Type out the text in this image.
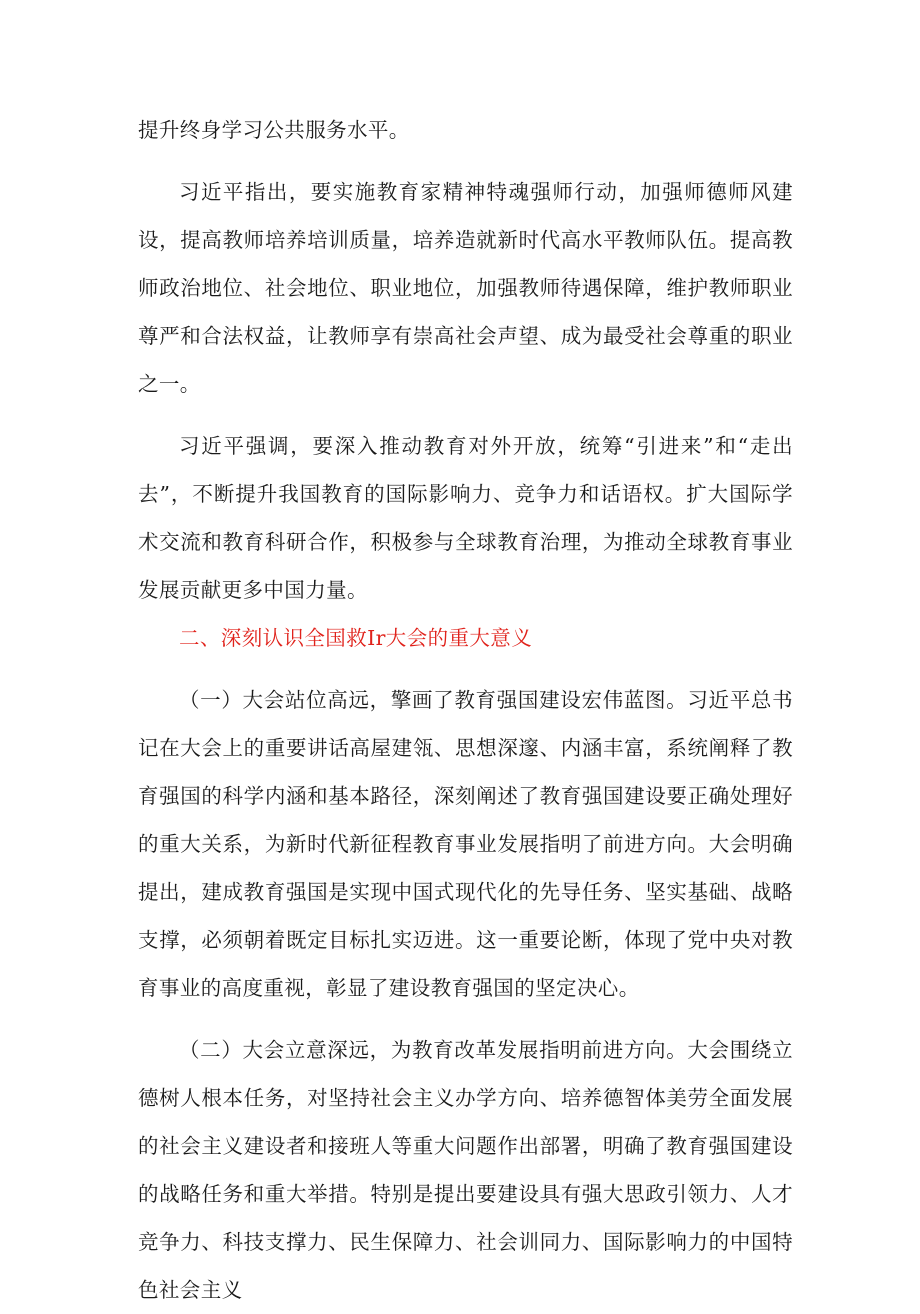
提升终身学习公共服务水平。

习近平指出，要实施教育家精神特魂强师行动，加强师德师风建设，提高教师培养培训质量，培养造就新时代高水平教师队伍。提高教师政治地位、社会地位、职业地位，加强教师待遇保障，维护教师职业尊严和合法权益，让教师享有崇高社会声望、成为最受社会尊重的职业之一。

习近平强调，要深入推动教育对外开放，统筹“引进来”和“走出去”，不断提升我国教育的国际影响力、竞争力和话语权。扩大国际学术交流和教育科研合作，积极参与全球教育治理，为推动全球教育事业发展贡献更多中国力量。

二、深刻认识全国救Ir大会的重大意义

（一）大会站位高远，擎画了教育强国建设宏伟蓝图。习近平总书记在大会上的重要讲话高屋建瓴、思想深邃、内涵丰富，系统阐释了教育强国的科学内涵和基本路径，深刻阐述了教育强国建设要正确处理好的重大关系，为新时代新征程教育事业发展指明了前进方向。大会明确提出，建成教育强国是实现中国式现代化的先导任务、坚实基础、战略支撑，必须朝着既定目标扎实迈进。这一重要论断，体现了党中央对教育事业的高度重视，彰显了建设教育强国的坚定决心。

（二）大会立意深远，为教育改革发展指明前进方向。大会围绕立德树人根本任务，对坚持社会主义办学方向、培养德智体美劳全面发展的社会主义建设者和接班人等重大问题作出部署，明确了教育强国建设的战略任务和重大举措。特别是提出要建设具有强大思政引领力、人才竞争力、科技支撑力、民生保障力、社会训同力、国际影响力的中国特色社会主义
